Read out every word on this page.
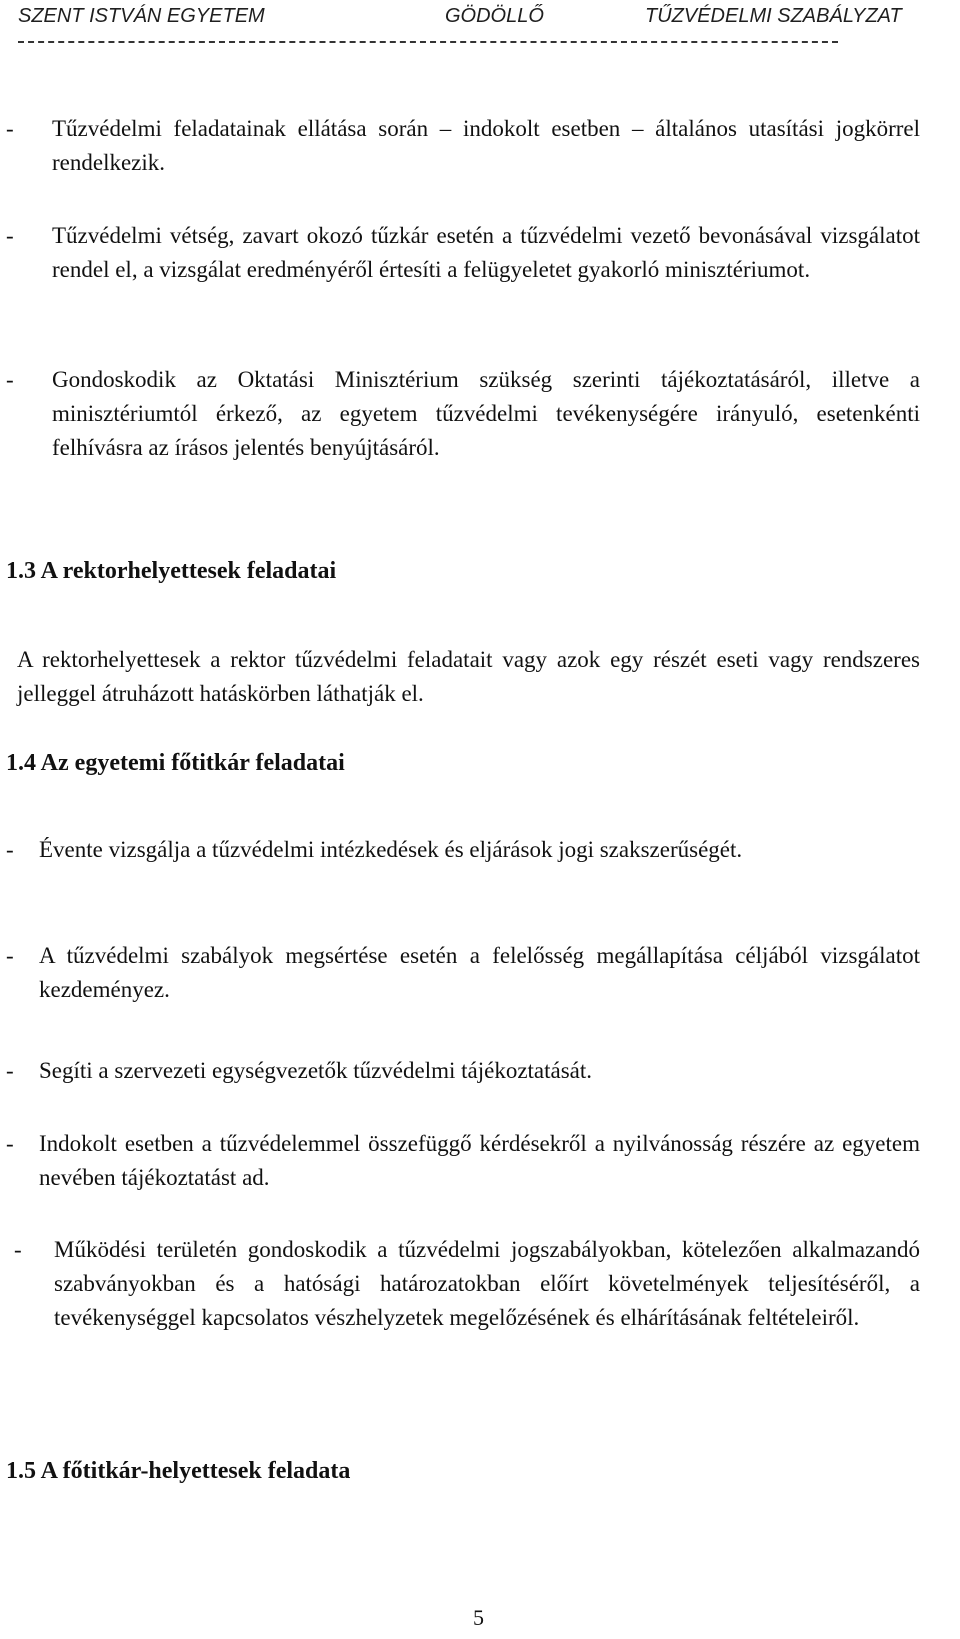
SZENT ISTVÁN EGYETEM	GÖDÖLLŐ	TŰZVÉDELMI SZABÁLYZAT
- Tűzvédelmi feladatainak ellátása során – indokolt esetben – általános utasítási jogkörrel rendelkezik.
- Tűzvédelmi vétség, zavart okozó tűzkár esetén a tűzvédelmi vezető bevonásával vizsgálatot rendel el, a vizsgálat eredményéről értesíti a felügyeletet gyakorló minisztériumot.
- Gondoskodik az Oktatási Minisztérium szükség szerinti tájékoztatásáról, illetve a minisztériumtól érkező, az egyetem tűzvédelmi tevékenységére irányuló, esetenkénti felhívásra az írásos jelentés benyújtásáról.
1.3 A rektorhelyettesek feladatai
A rektorhelyettesek a rektor tűzvédelmi feladatait vagy azok egy részét eseti vagy rendszeres jelleggel átruházott hatáskörben láthatják el.
1.4 Az egyetemi főtitkár feladatai
- Évente vizsgálja a tűzvédelmi intézkedések és eljárások jogi szakszerűségét.
- A tűzvédelmi szabályok megsértése esetén a felelősség megállapítása céljából vizsgálatot kezdeményez.
- Segíti a szervezeti egységvezetők tűzvédelmi tájékoztatását.
- Indokolt esetben a tűzvédelemmel összefüggő kérdésekről a nyilvánosság részére az egyetem nevében tájékoztatást ad.
- Működési területén gondoskodik a tűzvédelmi jogszabályokban, kötelezően alkalmazandó szabványokban és a hatósági határozatokban előírt követelmények teljesítéséről, a tevékenységgel kapcsolatos vészhelyzetek megelőzésének és elhárításának feltételeiről.
1.5 A főtitkár-helyettesek feladata
5
